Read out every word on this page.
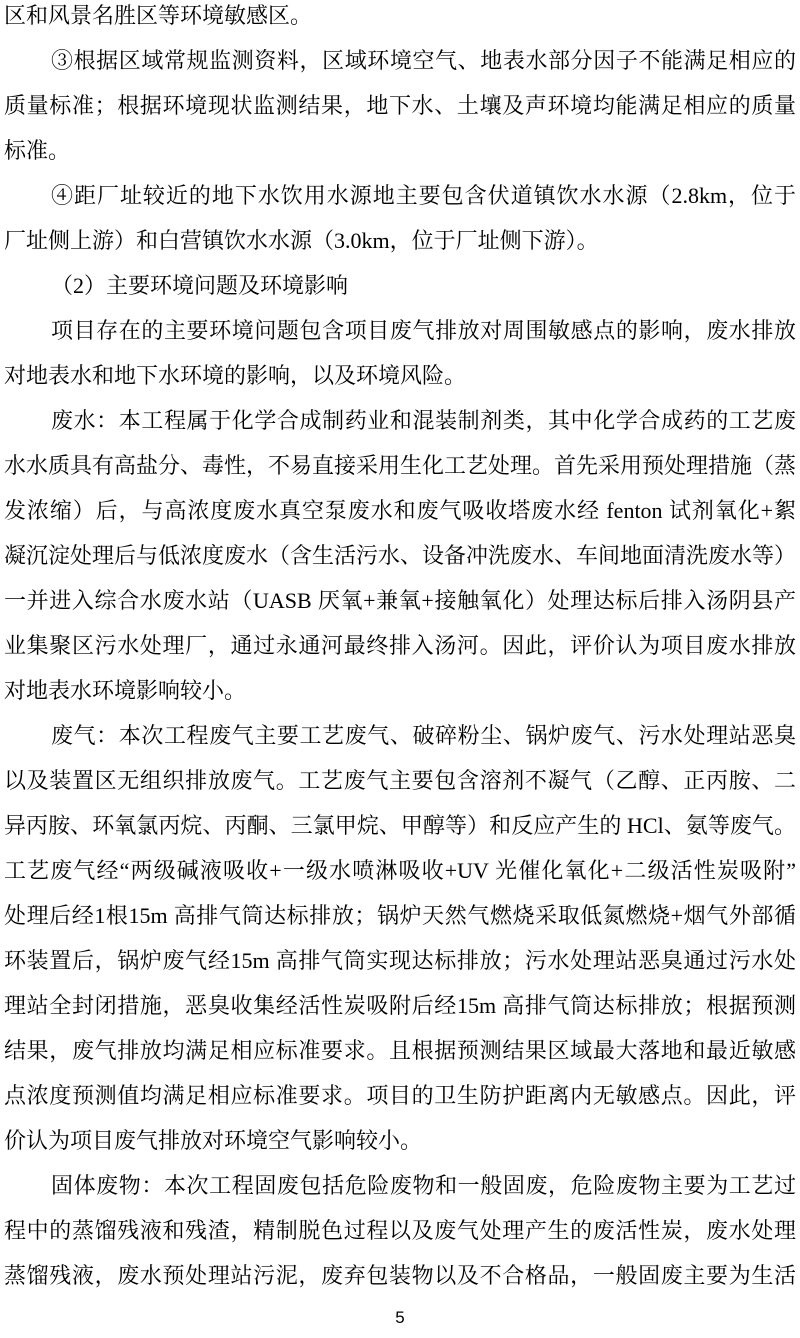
区和风景名胜区等环境敏感区。
③根据区域常规监测资料，区域环境空气、地表水部分因子不能满足相应的
质量标准；根据环境现状监测结果，地下水、土壤及声环境均能满足相应的质量
标准。
④距厂址较近的地下水饮用水源地主要包含伏道镇饮水水源（2.8km，位于
厂址侧上游）和白营镇饮水水源（3.0km，位于厂址侧下游）。
（2）主要环境问题及环境影响
项目存在的主要环境问题包含项目废气排放对周围敏感点的影响，废水排放
对地表水和地下水环境的影响，以及环境风险。
废水：本工程属于化学合成制药业和混装制剂类，其中化学合成药的工艺废
水水质具有高盐分、毒性，不易直接采用生化工艺处理。首先采用预处理措施（蒸
发浓缩）后，与高浓度废水真空泵废水和废气吸收塔废水经 fenton 试剂氧化+絮
凝沉淀处理后与低浓度废水（含生活污水、设备冲洗废水、车间地面清洗废水等）
一并进入综合水废水站（UASB 厌氧+兼氧+接触氧化）处理达标后排入汤阴县产
业集聚区污水处理厂，通过永通河最终排入汤河。因此，评价认为项目废水排放
对地表水环境影响较小。
废气：本次工程废气主要工艺废气、破碎粉尘、锅炉废气、污水处理站恶臭
以及装置区无组织排放废气。工艺废气主要包含溶剂不凝气（乙醇、正丙胺、二
异丙胺、环氧氯丙烷、丙酮、三氯甲烷、甲醇等）和反应产生的 HCl、氨等废气。
工艺废气经“两级碱液吸收+一级水喷淋吸收+UV 光催化氧化+二级活性炭吸附”
处理后经1根15m 高排气筒达标排放；锅炉天然气燃烧采取低氮燃烧+烟气外部循
环装置后，锅炉废气经15m 高排气筒实现达标排放；污水处理站恶臭通过污水处
理站全封闭措施，恶臭收集经活性炭吸附后经15m 高排气筒达标排放；根据预测
结果，废气排放均满足相应标准要求。且根据预测结果区域最大落地和最近敏感
点浓度预测值均满足相应标准要求。项目的卫生防护距离内无敏感点。因此，评
价认为项目废气排放对环境空气影响较小。
固体废物：本次工程固废包括危险废物和一般固废，危险废物主要为工艺过
程中的蒸馏残液和残渣，精制脱色过程以及废气处理产生的废活性炭，废水处理
蒸馏残液，废水预处理站污泥，废弃包装物以及不合格品，一般固废主要为生活
5
